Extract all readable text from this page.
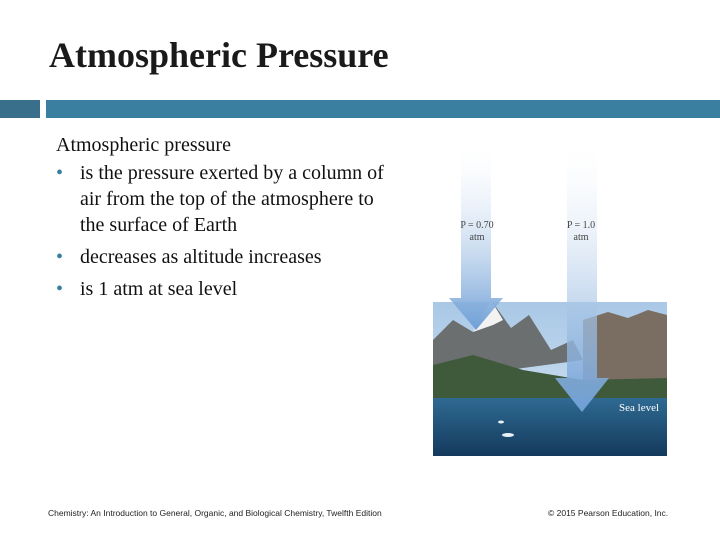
Atmospheric Pressure
Atmospheric pressure
• is the pressure exerted by a column of air from the top of the atmosphere to the surface of Earth
• decreases as altitude increases
• is 1 atm at sea level
P = 0.70
atm
P = 1.0
atm
Sea level
Chemistry: An Introduction to General, Organic, and Biological Chemistry, Twelfth Edition	© 2015 Pearson Education, Inc.
